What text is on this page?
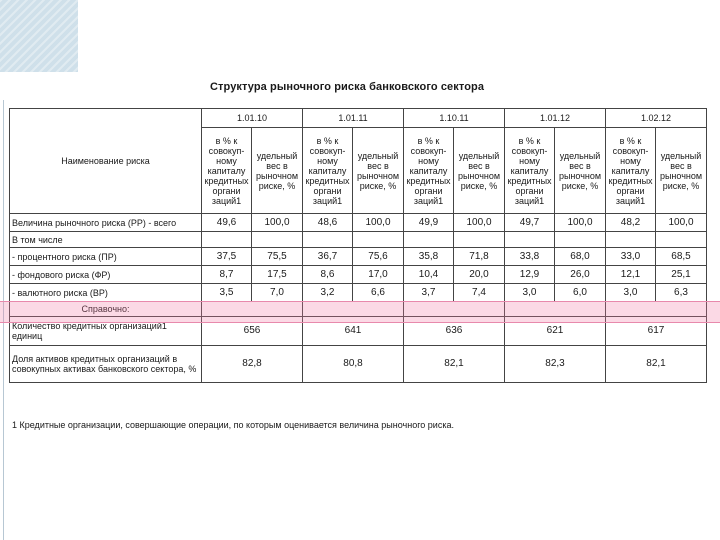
Структура рыночного риска банковского сектора
Наименование риска	1.01.10		1.01.11		1.10.11		1.01.12		1.02.12	
	в % к совокуп-ному капиталу кредитных органи заций1	удельный вес в рыночном риске, %	в % к совокуп-ному капиталу кредитных органи заций1	удельный вес в рыночном риске, %	в % к совокуп-ному капиталу кредитных органи заций1	удельный вес в рыночном риске, %	в % к совокуп-ному капиталу кредитных органи заций1	удельный вес в рыночном риске, %	в % к совокуп-ному капиталу кредитных органи заций1	удельный вес в рыночном риске, %
Величина рыночного риска (РР) - всего	49,6	100,0	48,6	100,0	49,9	100,0	49,7	100,0	48,2	100,0
В том числе										
- процентного риска (ПР)	37,5	75,5	36,7	75,6	35,8	71,8	33,8	68,0	33,0	68,5
- фондового риска (ФР)	8,7	17,5	8,6	17,0	10,4	20,0	12,9	26,0	12,1	25,1
- валютного риска (ВР)	3,5	7,0	3,2	6,6	3,7	7,4	3,0	6,0	3,0	6,3
Справочно:										
Количество кредитных организаций1 единиц	656		641		636		621		617	
Доля активов кредитных организаций в совокупных активах банковского сектора, %	82,8		80,8		82,1		82,3		82,1	
1 Кредитные организации, совершающие операции, по которым оценивается величина рыночного риска.
